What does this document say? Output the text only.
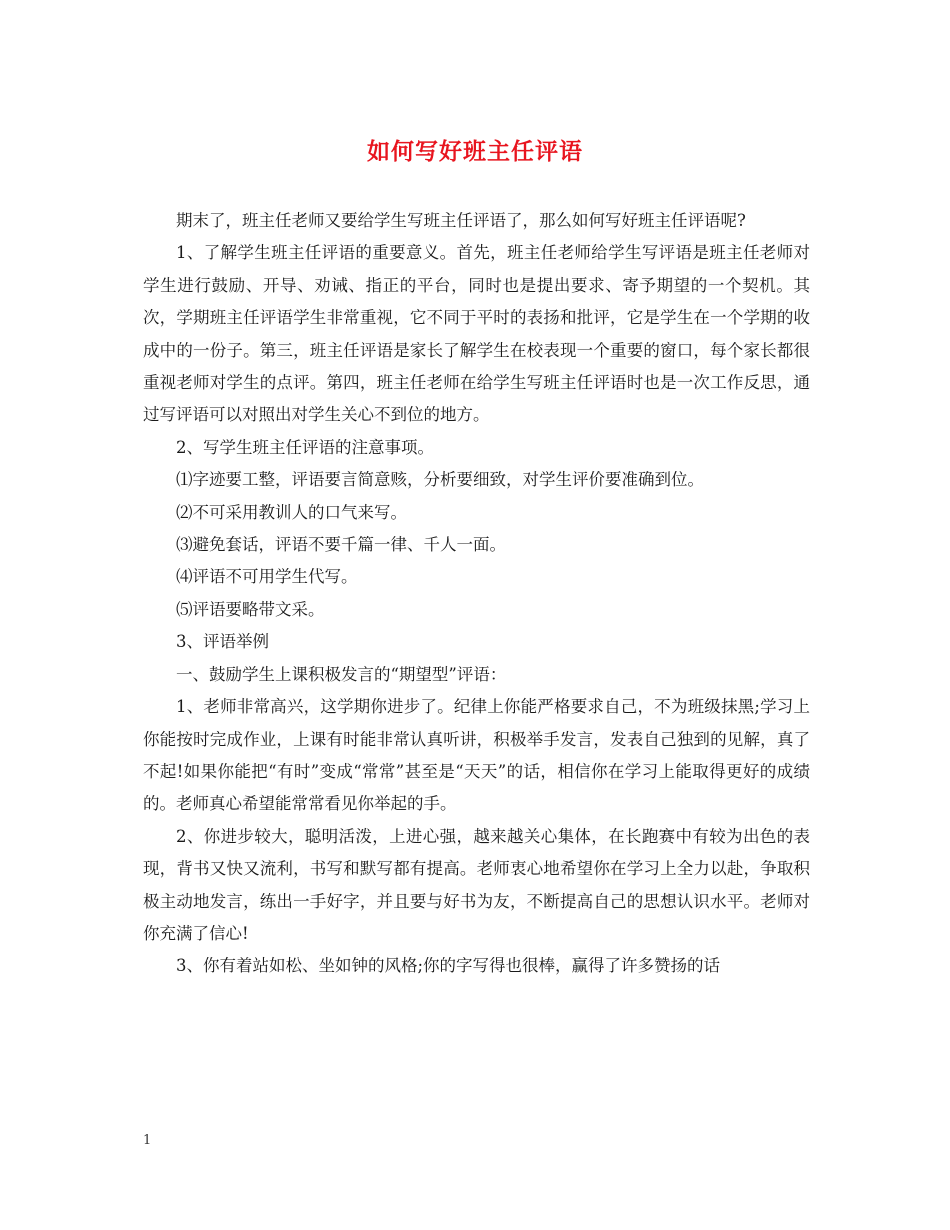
如何写好班主任评语

期末了，班主任老师又要给学生写班主任评语了，那么如何写好班主任评语呢?

1、了解学生班主任评语的重要意义。首先，班主任老师给学生写评语是班主任老师对学生进行鼓励、开导、劝诫、指正的平台，同时也是提出要求、寄予期望的一个契机。其次，学期班主任评语学生非常重视，它不同于平时的表扬和批评，它是学生在一个学期的收成中的一份子。第三，班主任评语是家长了解学生在校表现一个重要的窗口，每个家长都很重视老师对学生的点评。第四，班主任老师在给学生写班主任评语时也是一次工作反思，通过写评语可以对照出对学生关心不到位的地方。

2、写学生班主任评语的注意事项。

⑴字迹要工整，评语要言简意赅，分析要细致，对学生评价要准确到位。

⑵不可采用教训人的口气来写。

⑶避免套话，评语不要千篇一律、千人一面。

⑷评语不可用学生代写。

⑸评语要略带文采。

3、评语举例

一、鼓励学生上课积极发言的“期望型”评语：

1、老师非常高兴，这学期你进步了。纪律上你能严格要求自己，不为班级抹黑;学习上你能按时完成作业，上课有时能非常认真听讲，积极举手发言，发表自己独到的见解，真了不起!如果你能把“有时”变成“常常”甚至是“天天”的话，相信你在学习上能取得更好的成绩的。老师真心希望能常常看见你举起的手。

2、你进步较大，聪明活泼，上进心强，越来越关心集体，在长跑赛中有较为出色的表现，背书又快又流利，书写和默写都有提高。老师衷心地希望你在学习上全力以赴，争取积极主动地发言，练出一手好字，并且要与好书为友，不断提高自己的思想认识水平。老师对你充满了信心!

3、你有着站如松、坐如钟的风格;你的字写得也很棒，赢得了许多赞扬的话

1
